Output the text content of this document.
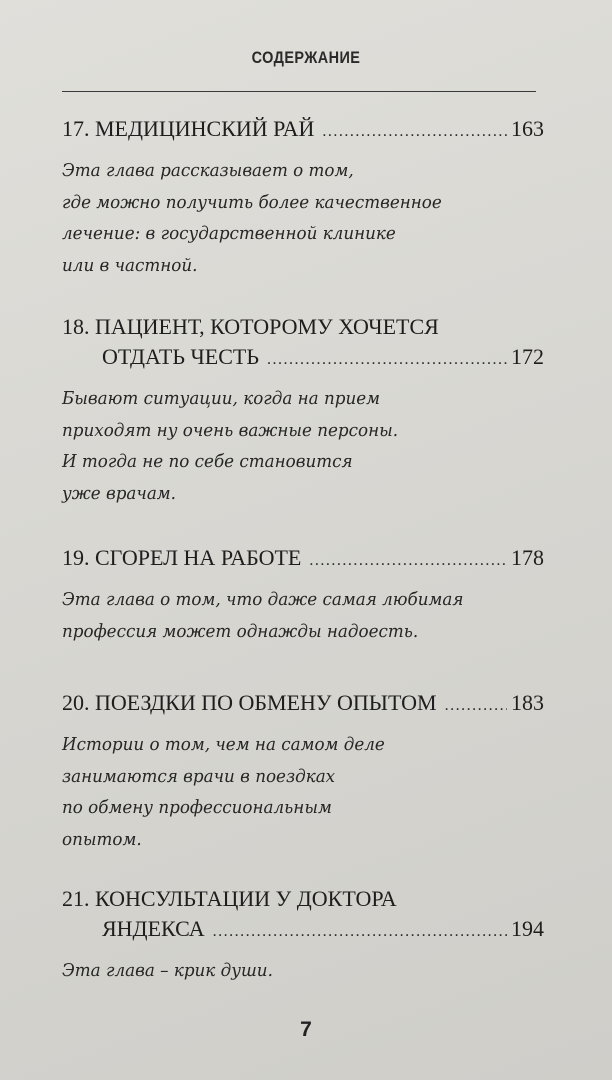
СОДЕРЖАНИЕ
17. МЕДИЦИНСКИЙ РАЙ .....	163
Эта глава рассказывает о том,
где можно получить более качественное
лечение: в государственной клинике
или в частной.
18. ПАЦИЕНТ, КОТОРОМУ ХОЧЕТСЯ
ОТДАТЬ ЧЕСТЬ .....	172
Бывают ситуации, когда на прием
приходят ну очень важные персоны.
И тогда не по себе становится
уже врачам.
19. СГОРЕЛ НА РАБОТЕ .....	178
Эта глава о том, что даже самая любимая
профессия может однажды надоесть.
20. ПОЕЗДКИ ПО ОБМЕНУ ОПЫТОМ .....	183
Истории о том, чем на самом деле
занимаются врачи в поездках
по обмену профессиональным
опытом.
21. КОНСУЛЬТАЦИИ У ДОКТОРА
ЯНДЕКСА .....	194
Эта глава – крик души.
7
